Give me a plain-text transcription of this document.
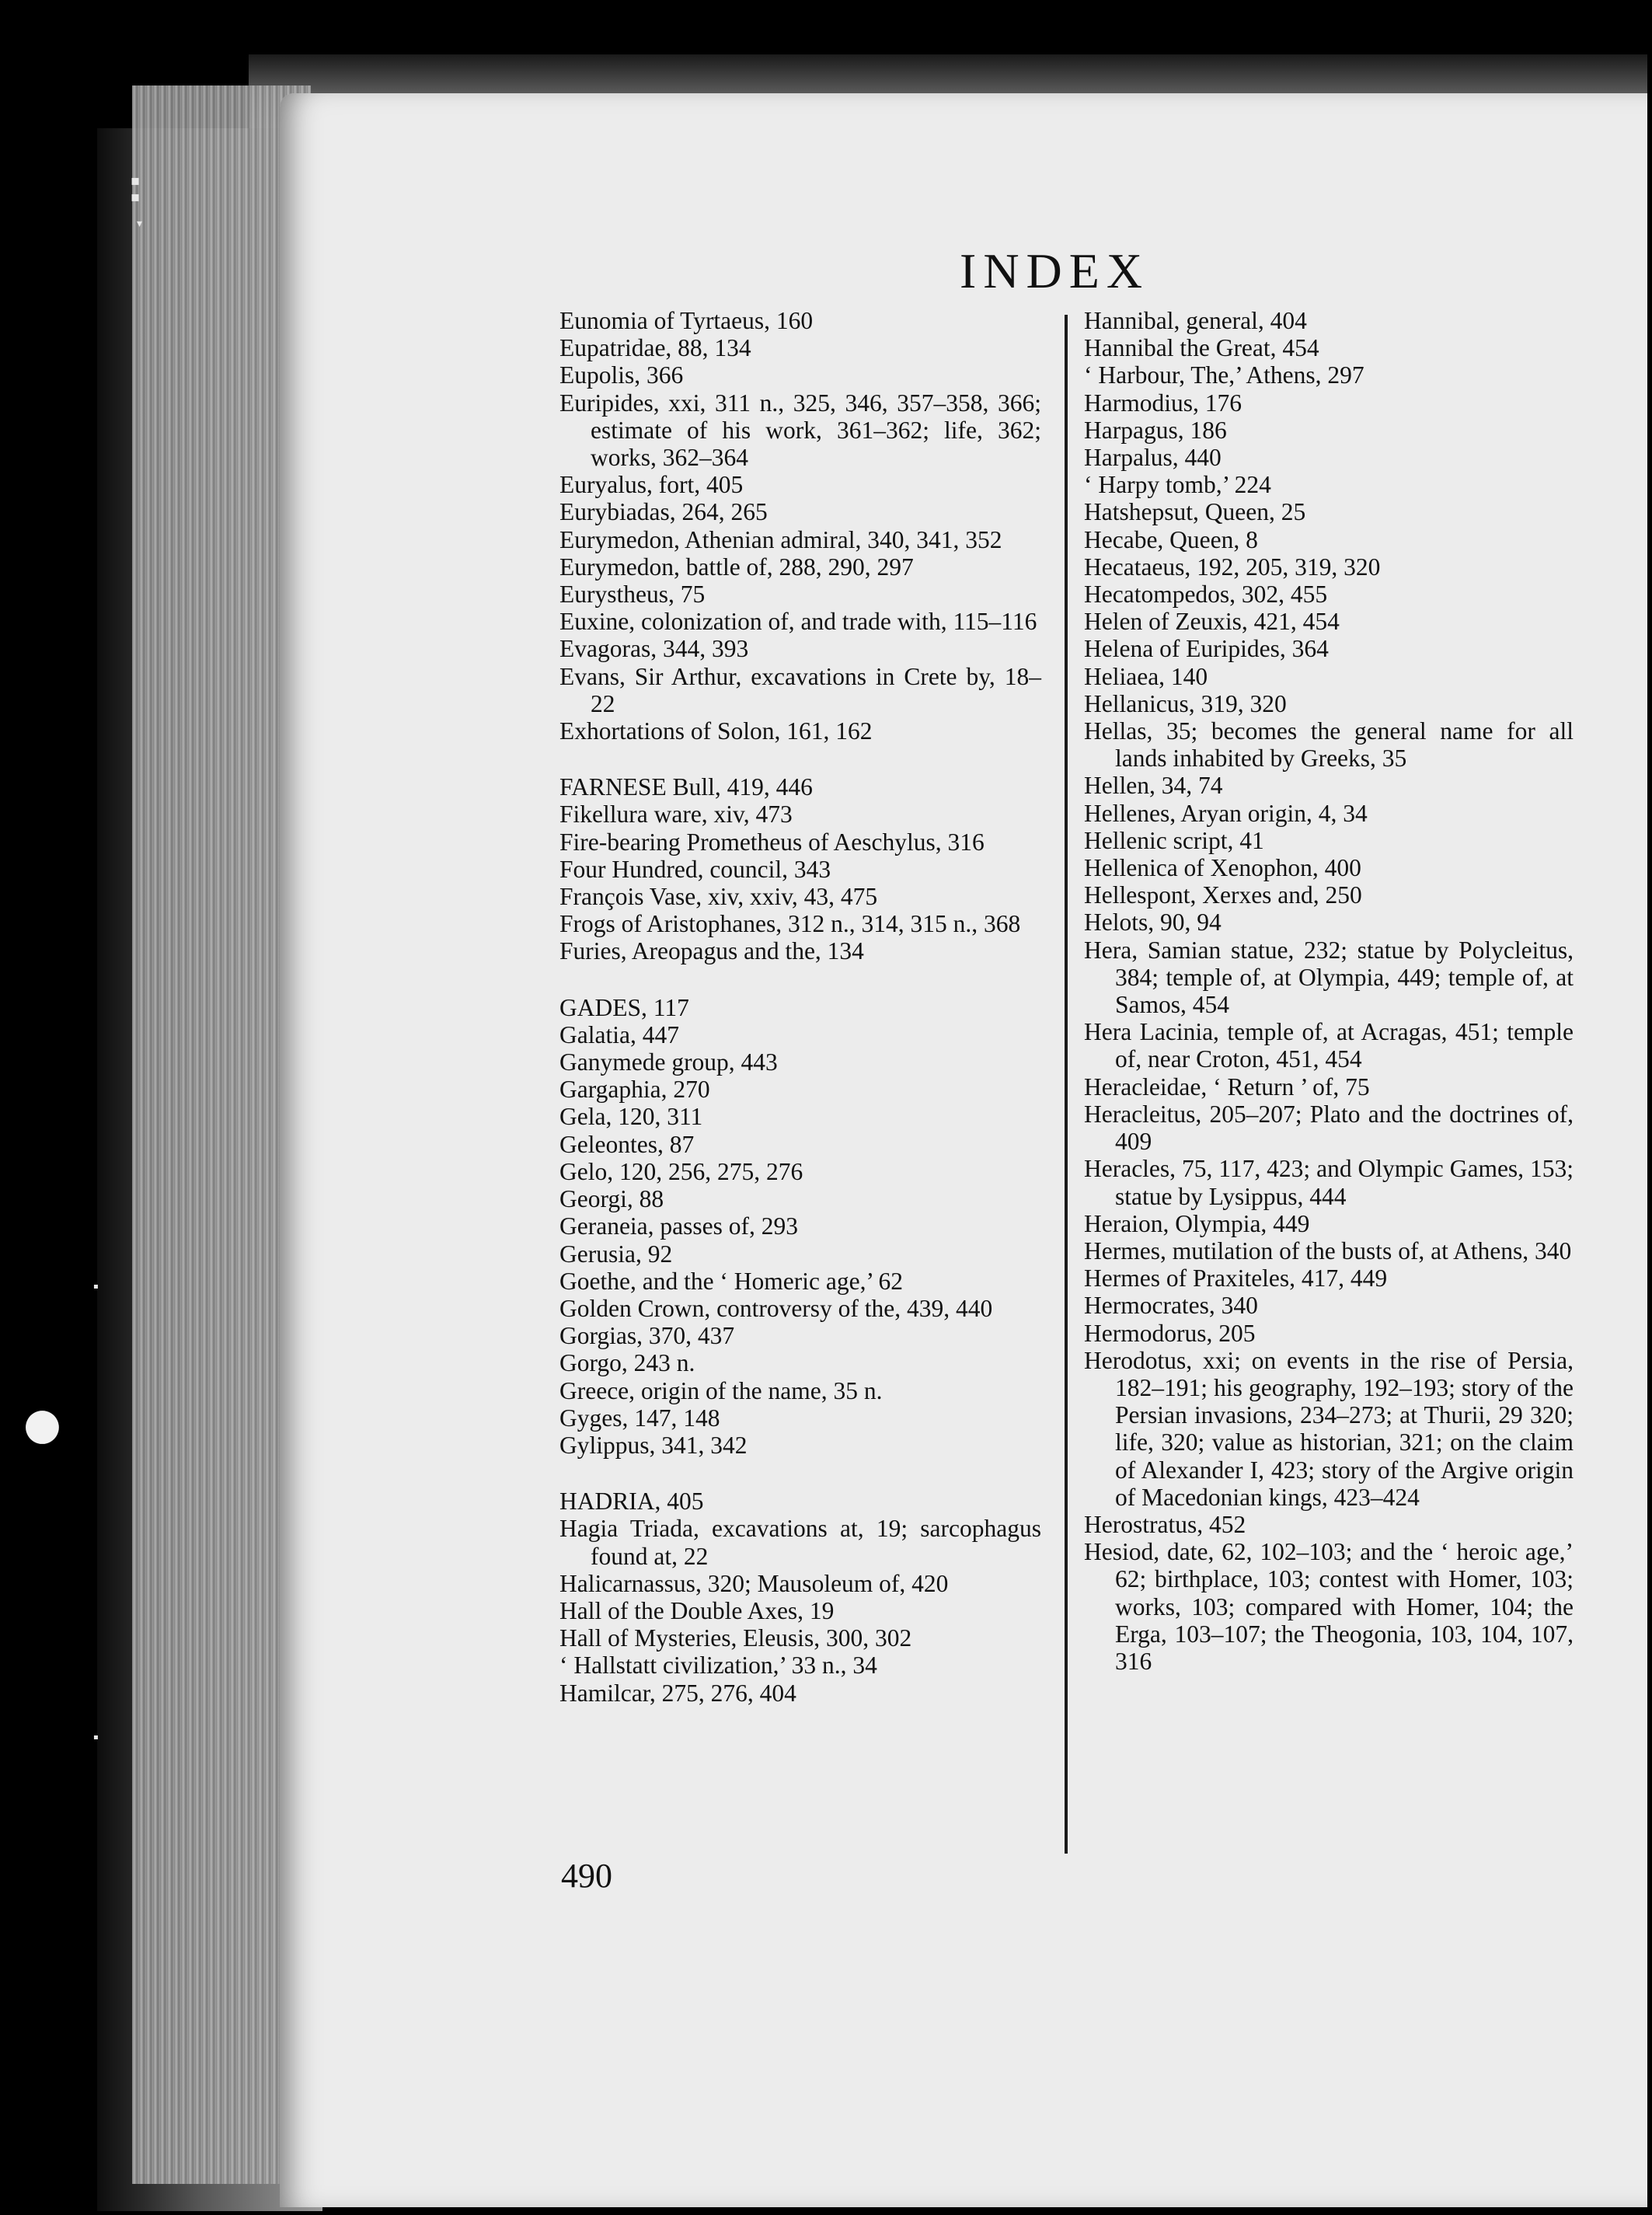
▪ ▪
▾
●
▪
▪
INDEX

Eunomia of Tyrtaeus, 160

Eupatridae, 88, 134

Eupolis, 366

Euripides, xxi, 311 n., 325, 346, 357–358, 366; estimate of his work, 361–362; life, 362; works, 362–364

Euryalus, fort, 405

Eurybiadas, 264, 265

Eurymedon, Athenian admiral, 340, 341, 352

Eurymedon, battle of, 288, 290, 297

Eurystheus, 75

Euxine, colonization of, and trade with, 115–116

Evagoras, 344, 393

Evans, Sir Arthur, excavations in Crete by, 18–22

Exhortations of Solon, 161, 162

FARNESE Bull, 419, 446

Fikellura ware, xiv, 473

Fire-bearing Prometheus of Aeschylus, 316

Four Hundred, council, 343

François Vase, xiv, xxiv, 43, 475

Frogs of Aristophanes, 312 n., 314, 315 n., 368

Furies, Areopagus and the, 134

GADES, 117

Galatia, 447

Ganymede group, 443

Gargaphia, 270

Gela, 120, 311

Geleontes, 87

Gelo, 120, 256, 275, 276

Georgi, 88

Geraneia, passes of, 293

Gerusia, 92

Goethe, and the ‘ Homeric age,’ 62

Golden Crown, controversy of the, 439, 440

Gorgias, 370, 437

Gorgo, 243 n.

Greece, origin of the name, 35 n.

Gyges, 147, 148

Gylippus, 341, 342

HADRIA, 405

Hagia Triada, excavations at, 19; sarcophagus found at, 22

Halicarnassus, 320; Mausoleum of, 420

Hall of the Double Axes, 19

Hall of Mysteries, Eleusis, 300, 302

‘ Hallstatt civilization,’ 33 n., 34

Hamilcar, 275, 276, 404

Hannibal, general, 404

Hannibal the Great, 454

‘ Harbour, The,’ Athens, 297

Harmodius, 176

Harpagus, 186

Harpalus, 440

‘ Harpy tomb,’ 224

Hatshepsut, Queen, 25

Hecabe, Queen, 8

Hecataeus, 192, 205, 319, 320

Hecatompedos, 302, 455

Helen of Zeuxis, 421, 454

Helena of Euripides, 364

Heliaea, 140

Hellanicus, 319, 320

Hellas, 35; becomes the general name for all lands inhabited by Greeks, 35

Hellen, 34, 74

Hellenes, Aryan origin, 4, 34

Hellenic script, 41

Hellenica of Xenophon, 400

Hellespont, Xerxes and, 250

Helots, 90, 94

Hera, Samian statue, 232; statue by Polycleitus, 384; temple of, at Olympia, 449; temple of, at Samos, 454

Hera Lacinia, temple of, at Acragas, 451; temple of, near Croton, 451, 454

Heracleidae, ‘ Return ’ of, 75

Heracleitus, 205–207; Plato and the doctrines of, 409

Heracles, 75, 117, 423; and Olympic Games, 153; statue by Lysippus, 444

Heraion, Olympia, 449

Hermes, mutilation of the busts of, at Athens, 340

Hermes of Praxiteles, 417, 449

Hermocrates, 340

Hermodorus, 205

Herodotus, xxi; on events in the rise of Persia, 182–191; his geography, 192–193; story of the Persian invasions, 234–273; at Thurii, 29 320; life, 320; value as historian, 321; on the claim of Alexander I, 423; story of the Argive origin of Macedonian kings, 423–424

Herostratus, 452

Hesiod, date, 62, 102–103; and the ‘ heroic age,’ 62; birthplace, 103; contest with Homer, 103; works, 103; compared with Homer, 104; the Erga, 103–107; the Theogonia, 103, 104, 107, 316

490
